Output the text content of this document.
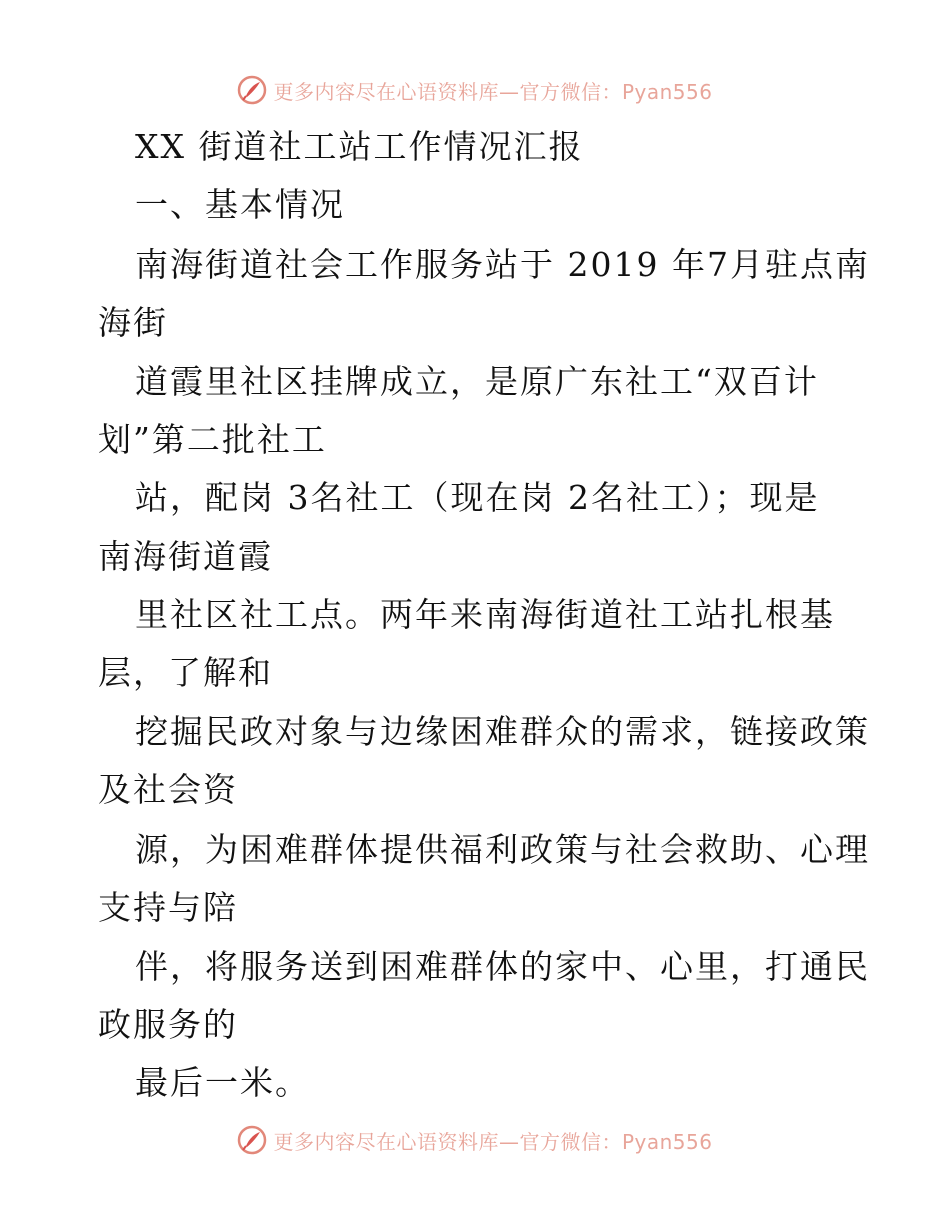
更多内容尽在心语资料库—官方微信：Pyan556
XX 街道社工站工作情况汇报
一、基本情况
南海街道社会工作服务站于 2019 年7月驻点南
海街
道霞里社区挂牌成立，是原广东社工“双百计
划”第二批社工
站，配岗 3名社工（现在岗 2名社工）；现是
南海街道霞
里社区社工点。两年来南海街道社工站扎根基
层，了解和
挖掘民政对象与边缘困难群众的需求，链接政策
及社会资
源，为困难群体提供福利政策与社会救助、心理
支持与陪
伴，将服务送到困难群体的家中、心里，打通民
政服务的
最后一米。
更多内容尽在心语资料库—官方微信：Pyan556
